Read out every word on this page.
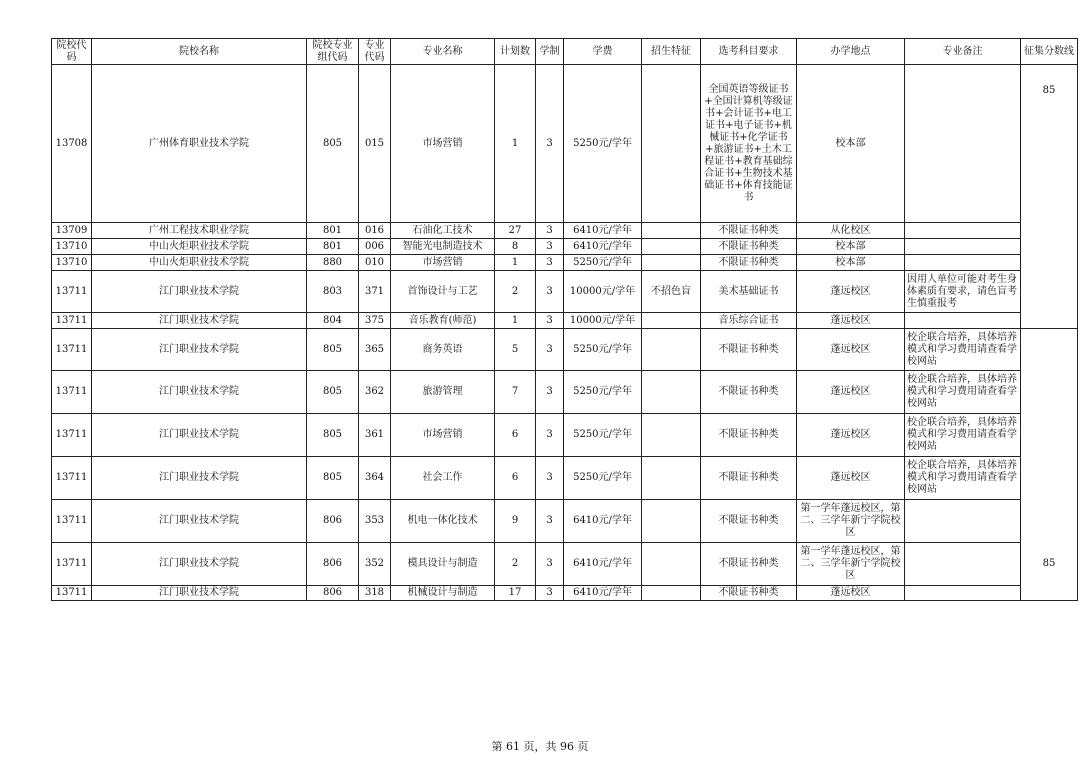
院校代码	院校名称	院校专业组代码	专业代码	专业名称	计划数	学制	学费	招生特征	选考科目要求	办学地点	专业备注	征集分数线
13708	广州体育职业技术学院	805	015	市场营销	1	3	5250元/学年		全国英语等级证书+全国计算机等级证书+会计证书+电工证书+电子证书+机械证书+化学证书+旅游证书+土木工程证书+教育基础综合证书+生物技术基础证书+体育技能证书	校本部		85
13709	广州工程技术职业学院	801	016	石油化工技术	27	3	6410元/学年		不限证书种类	从化校区		
13710	中山火炬职业技术学院	801	006	智能光电制造技术	8	3	6410元/学年		不限证书种类	校本部		
13710	中山火炬职业技术学院	880	010	市场营销	1	3	5250元/学年		不限证书种类	校本部		
13711	江门职业技术学院	803	371	首饰设计与工艺	2	3	10000元/学年	不招色盲	美术基础证书	蓬远校区	因用人单位可能对考生身体素质有要求，请色盲考生慎重报考	
13711	江门职业技术学院	804	375	音乐教育(师范)	1	3	10000元/学年		音乐综合证书	蓬远校区		
13711	江门职业技术学院	805	365	商务英语	5	3	5250元/学年		不限证书种类	蓬远校区	校企联合培养，具体培养模式和学习费用请查看学校网站	
13711	江门职业技术学院	805	362	旅游管理	7	3	5250元/学年		不限证书种类	蓬远校区	校企联合培养，具体培养模式和学习费用请查看学校网站	
13711	江门职业技术学院	805	361	市场营销	6	3	5250元/学年		不限证书种类	蓬远校区	校企联合培养，具体培养模式和学习费用请查看学校网站	
13711	江门职业技术学院	805	364	社会工作	6	3	5250元/学年		不限证书种类	蓬远校区	校企联合培养，具体培养模式和学习费用请查看学校网站	
13711	江门职业技术学院	806	353	机电一体化技术	9	3	6410元/学年		不限证书种类	第一学年蓬远校区，第二、三学年新宁学院校区		
13711	江门职业技术学院	806	352	模具设计与制造	2	3	6410元/学年		不限证书种类	第一学年蓬远校区，第二、三学年新宁学院校区		85
13711	江门职业技术学院	806	318	机械设计与制造	17	3	6410元/学年		不限证书种类	蓬远校区		
第 61 页，共 96 页
